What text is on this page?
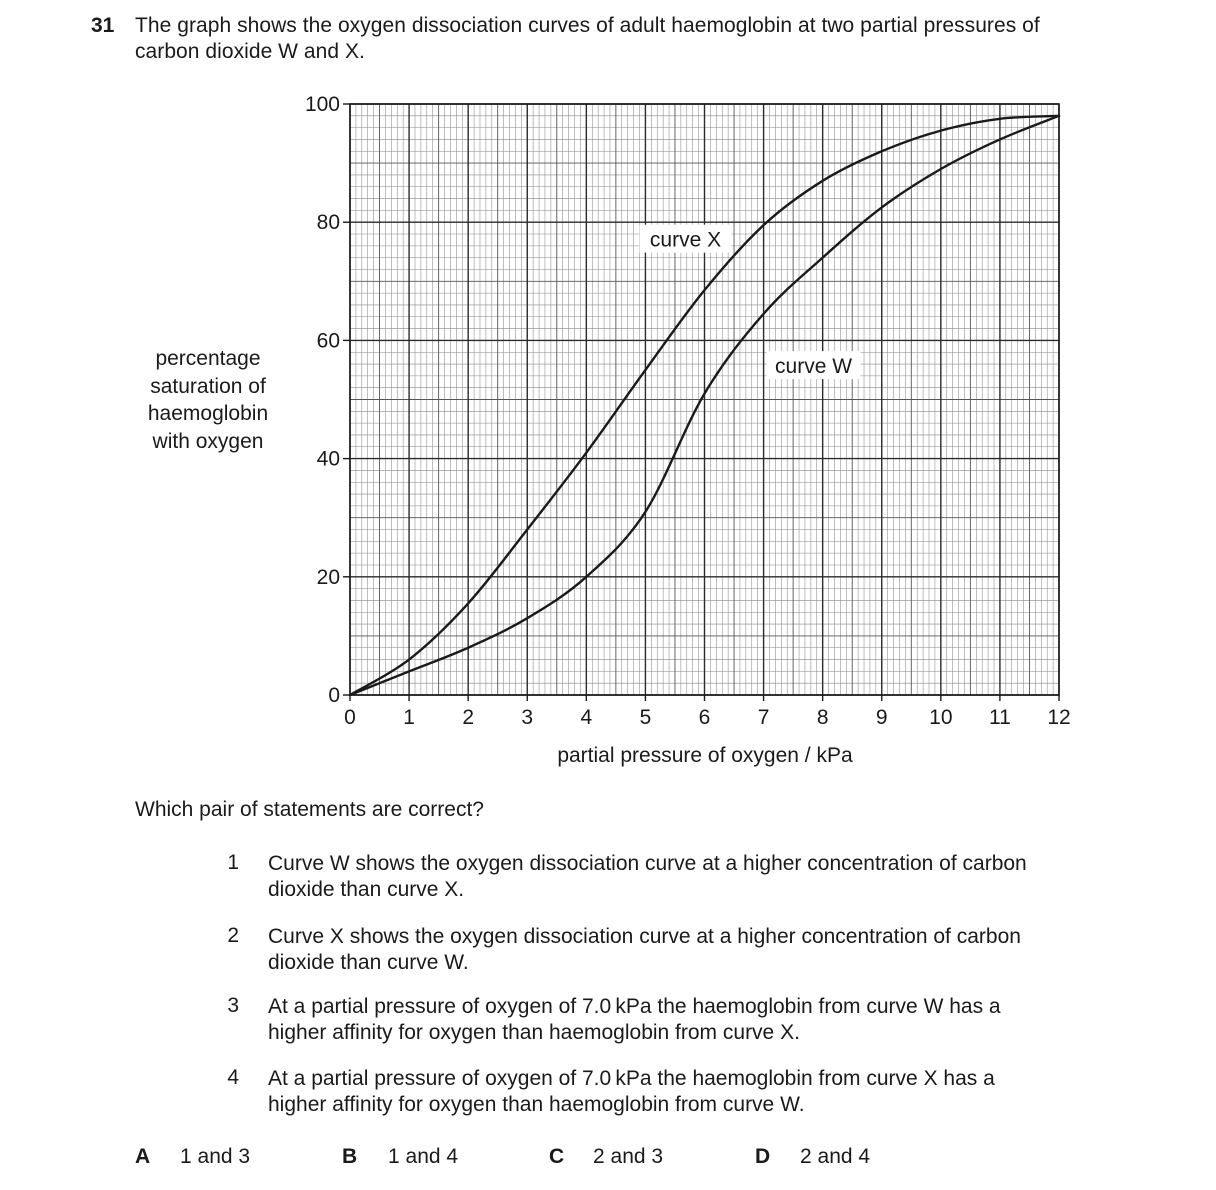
31 The graph shows the oxygen dissociation curves of adult haemoglobin at two partial pressures of
carbon dioxide W and X.
percentage
saturation of
haemoglobin
with oxygen
0 1 2 3 4 5 6 7 8 9 10 11 12
0
20
40
60
80
100
curve X
curve W
partial pressure of oxygen / kPa
Which pair of statements are correct?
1 Curve W shows the oxygen dissociation curve at a higher concentration of carbon
dioxide than curve X.
2 Curve X shows the oxygen dissociation curve at a higher concentration of carbon
dioxide than curve W.
3 At a partial pressure of oxygen of 7.0 kPa the haemoglobin from curve W has a
higher affinity for oxygen than haemoglobin from curve X.
4 At a partial pressure of oxygen of 7.0 kPa the haemoglobin from curve X has a
higher affinity for oxygen than haemoglobin from curve W.
A 1 and 3	B 1 and 4	C 2 and 3	D 2 and 4
